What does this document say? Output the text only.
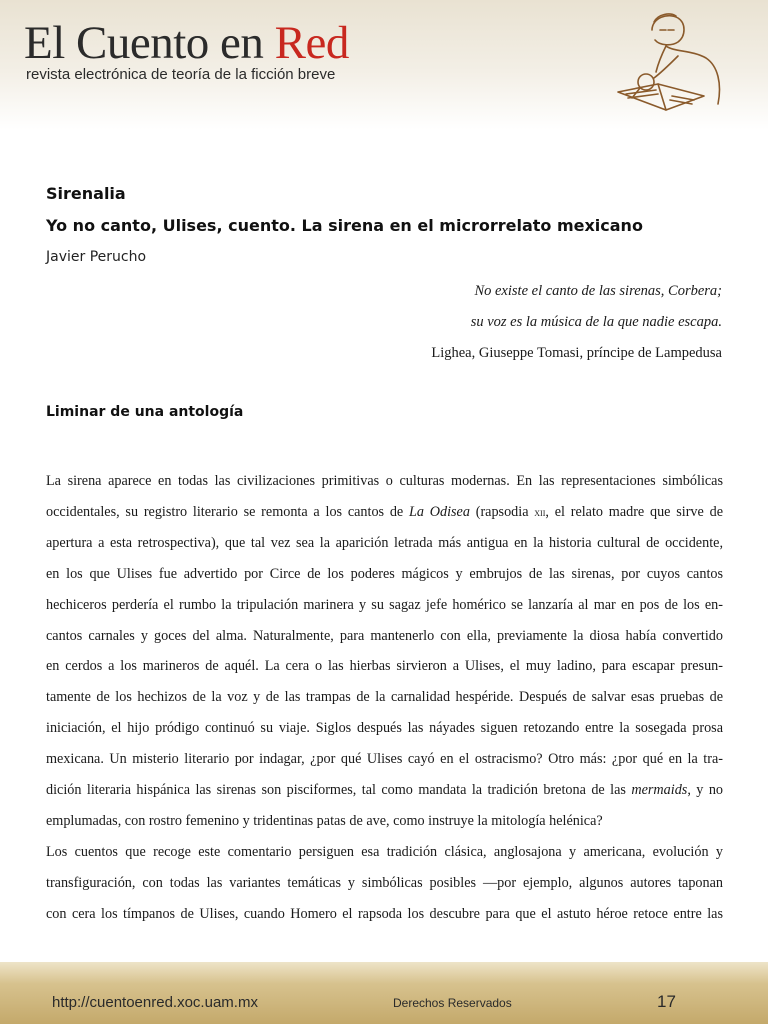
El Cuento en Red
revista electrónica de teoría de la ficción breve
Sirenalia
Yo no canto, Ulises, cuento. La sirena en el microrrelato mexicano
Javier Perucho
No existe el canto de las sirenas, Corbera;
su voz es la música de la que nadie escapa.
Lighea, Giuseppe Tomasi, príncipe de Lampedusa
Liminar de una antología
La sirena aparece en todas las civilizaciones primitivas o culturas modernas. En las representaciones simbólicas
occidentales, su registro literario se remonta a los cantos de La Odisea (rapsodia xii, el relato madre que sirve de
apertura a esta retrospectiva), que tal vez sea la aparición letrada más antigua en la historia cultural de occidente,
en los que Ulises fue advertido por Circe de los poderes mágicos y embrujos de las sirenas, por cuyos cantos
hechiceros perdería el rumbo la tripulación marinera y su sagaz jefe homérico se lanzaría al mar en pos de los en-
cantos carnales y goces del alma. Naturalmente, para mantenerlo con ella, previamente la diosa había convertido
en cerdos a los marineros de aquél. La cera o las hierbas sirvieron a Ulises, el muy ladino, para escapar presun-
tamente de los hechizos de la voz y de las trampas de la carnalidad hespéride. Después de salvar esas pruebas de
iniciación, el hijo pródigo continuó su viaje. Siglos después las náyades siguen retozando entre la sosegada prosa
mexicana. Un misterio literario por indagar, ¿por qué Ulises cayó en el ostracismo? Otro más: ¿por qué en la tra-
dición literaria hispánica las sirenas son pisciformes, tal como mandata la tradición bretona de las mermaids, y no
emplumadas, con rostro femenino y tridentinas patas de ave, como instruye la mitología helénica?
Los cuentos que recoge este comentario persiguen esa tradición clásica, anglosajona y americana, evolución y
transfiguración, con todas las variantes temáticas y simbólicas posibles —por ejemplo, algunos autores taponan
con cera los tímpanos de Ulises, cuando Homero el rapsoda los descubre para que el astuto héroe retoce entre las
http://cuentoenred.xoc.uam.mx	Derechos Reservados	17
